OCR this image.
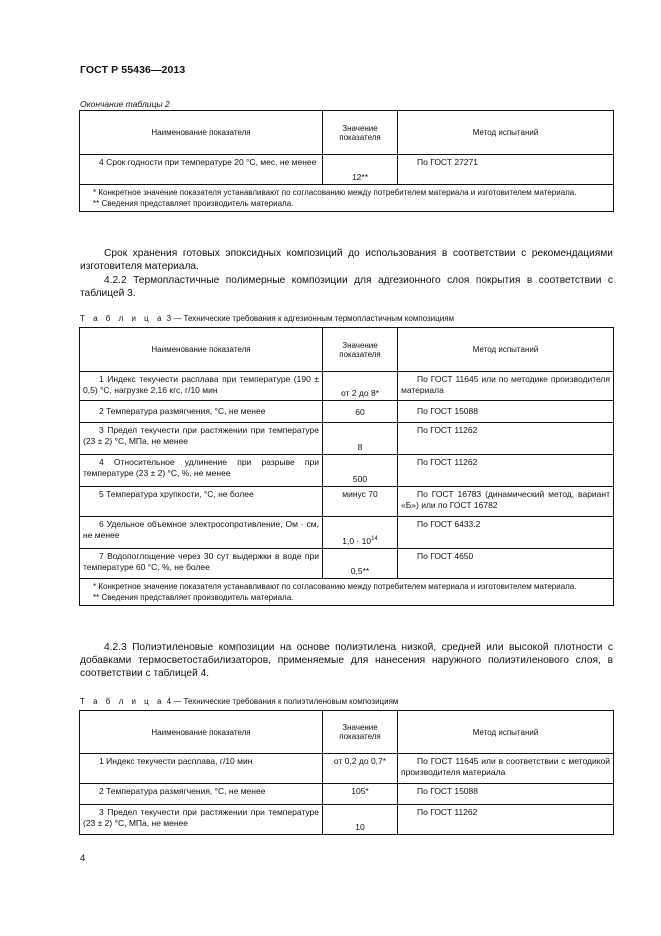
ГОСТ Р 55436—2013
Окончание таблицы 2
Наименование показателя	Значение показателя	Метод испытаний
4 Срок годности при температуре 20 °С, мес, не менее	12**	По ГОСТ 27271

* Конкретное значение показателя устанавливают по согласованию между потребителем материала и изготовителем материала.
** Сведения представляет производитель материала.		
Срок хранения готовых эпоксидных композиций до использования в соответствии с рекомендациями изготовителя материала.
4.2.2 Термопластичные полимерные композиции для адгезионного слоя покрытия в соответствии с таблицей 3.
Т а б л и ц а 3 — Технические требования к адгезионным термопластичным композициям
Наименование показателя	Значение показателя	Метод испытаний
1 Индекс текучести расплава при температуре (190 ± 0,5) °С, нагрузке 2,16 кгс, г/10 мин	от 2 до 8*	По ГОСТ 11645 или по методике производителя материала
2 Температура размягчения, °С, не менее	60	По ГОСТ 15088
3 Предел текучести при растяжении при температуре (23 ± 2) °С, МПа, не менее	8	По ГОСТ 11262
4 Относительное удлинение при разрыве при температуре (23 ± 2) °С, %, не менее	500	По ГОСТ 11262
5 Температура хрупкости, °С, не более	минус 70	По ГОСТ 16783 (динамический метод, вариант «Б») или по ГОСТ 16782
6 Удельное объемное электросопротивление, Ом · см, не менее	$1,0 \cdot 10^{14}$	По ГОСТ 6433.2
7 Водопоглощение через 30 сут выдержки в воде при температуре 60 °С, %, не более	0,5**	По ГОСТ 4650

* Конкретное значение показателя устанавливают по согласованию между потребителем материала и изготовителем материала.
** Сведения представляет производитель материала.		
4.2.3 Полиэтиленовые композиции на основе полиэтилена низкой, средней или высокой плотности с добавками термосветостабилизаторов, применяемые для нанесения наружного полиэтиленового слоя, в соответствии с таблицей 4.
Т а б л и ц а 4 — Технические требования к полиэтиленовым композициям
Наименование показателя	Значение показателя	Метод испытаний
1 Индекс текучести расплава, г/10 мин	от 0,2 до 0,7*	По ГОСТ 11645 или в соответствии с методикой производителя материала
2 Температура размягчения, °С, не менее	105*	По ГОСТ 15088
3 Предел текучести при растяжении при температуре (23 ± 2) °С, МПа, не менее	10	По ГОСТ 11262
4
